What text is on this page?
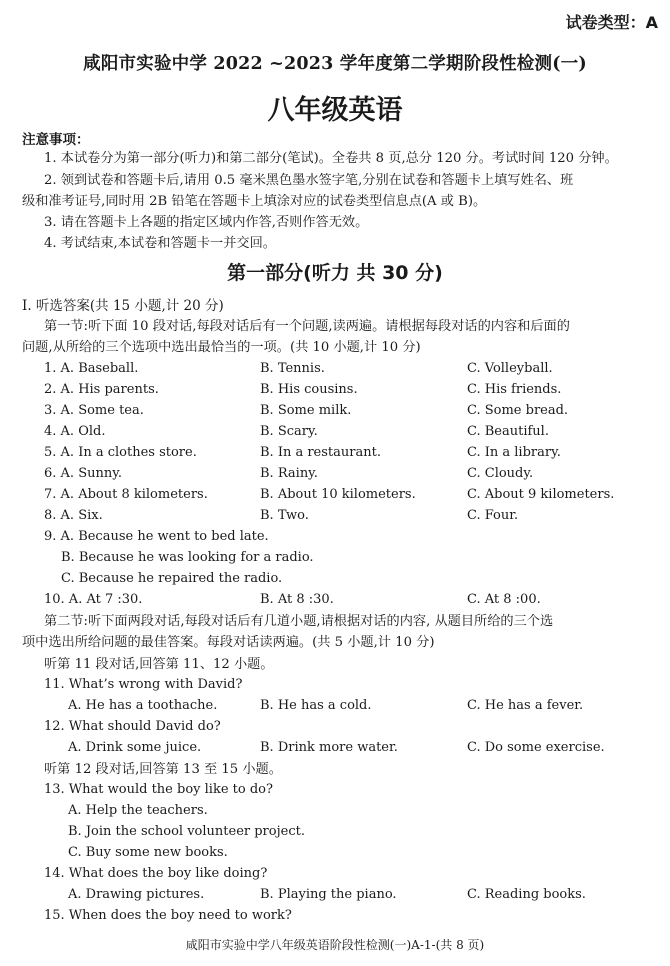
试卷类型：A
咸阳市实验中学 2022 ~2023 学年度第二学期阶段性检测(一)
八年级英语
注意事项：
1. 本试卷分为第一部分(听力)和第二部分(笔试)。全卷共 8 页,总分 120 分。考试时间 120 分钟。
2. 领到试卷和答题卡后,请用 0.5 毫米黑色墨水签字笔,分别在试卷和答题卡上填写姓名、班
级和准考证号,同时用 2B 铅笔在答题卡上填涂对应的试卷类型信息点(A 或 B)。
3. 请在答题卡上各题的指定区域内作答,否则作答无效。
4. 考试结束,本试卷和答题卡一并交回。
第一部分(听力 共 30 分)
Ⅰ. 听选答案(共 15 小题,计 20 分)
第一节:听下面 10 段对话,每段对话后有一个问题,读两遍。请根据每段对话的内容和后面的
问题,从所给的三个选项中选出最恰当的一项。(共 10 小题,计 10 分)
1. A. Baseball.	B. Tennis.	C. Volleyball.
2. A. His parents.	B. His cousins.	C. His friends.
3. A. Some tea.	B. Some milk.	C. Some bread.
4. A. Old.	B. Scary.	C. Beautiful.
5. A. In a clothes store.	B. In a restaurant.	C. In a library.
6. A. Sunny.	B. Rainy.	C. Cloudy.
7. A. About 8 kilometers.	B. About 10 kilometers.	C. About 9 kilometers.
8. A. Six.	B. Two.	C. Four.
9. A. Because he went to bed late.
B. Because he was looking for a radio.
C. Because he repaired the radio.
10. A. At 7 :30.	B. At 8 :30.	C. At 8 :00.
第二节:听下面两段对话,每段对话后有几道小题,请根据对话的内容, 从题目所给的三个选
项中选出所给问题的最佳答案。每段对话读两遍。(共 5 小题,计 10 分)
听第 11 段对话,回答第 11、12 小题。
11. What’s wrong with David?
A. He has a toothache.	B. He has a cold.	C. He has a fever.
12. What should David do?
A. Drink some juice.	B. Drink more water.	C. Do some exercise.
听第 12 段对话,回答第 13 至 15 小题。
13. What would the boy like to do?
A. Help the teachers.
B. Join the school volunteer project.
C. Buy some new books.
14. What does the boy like doing?
A. Drawing pictures.	B. Playing the piano.	C. Reading books.
15. When does the boy need to work?
咸阳市实验中学八年级英语阶段性检测(一)A-1-(共 8 页)
